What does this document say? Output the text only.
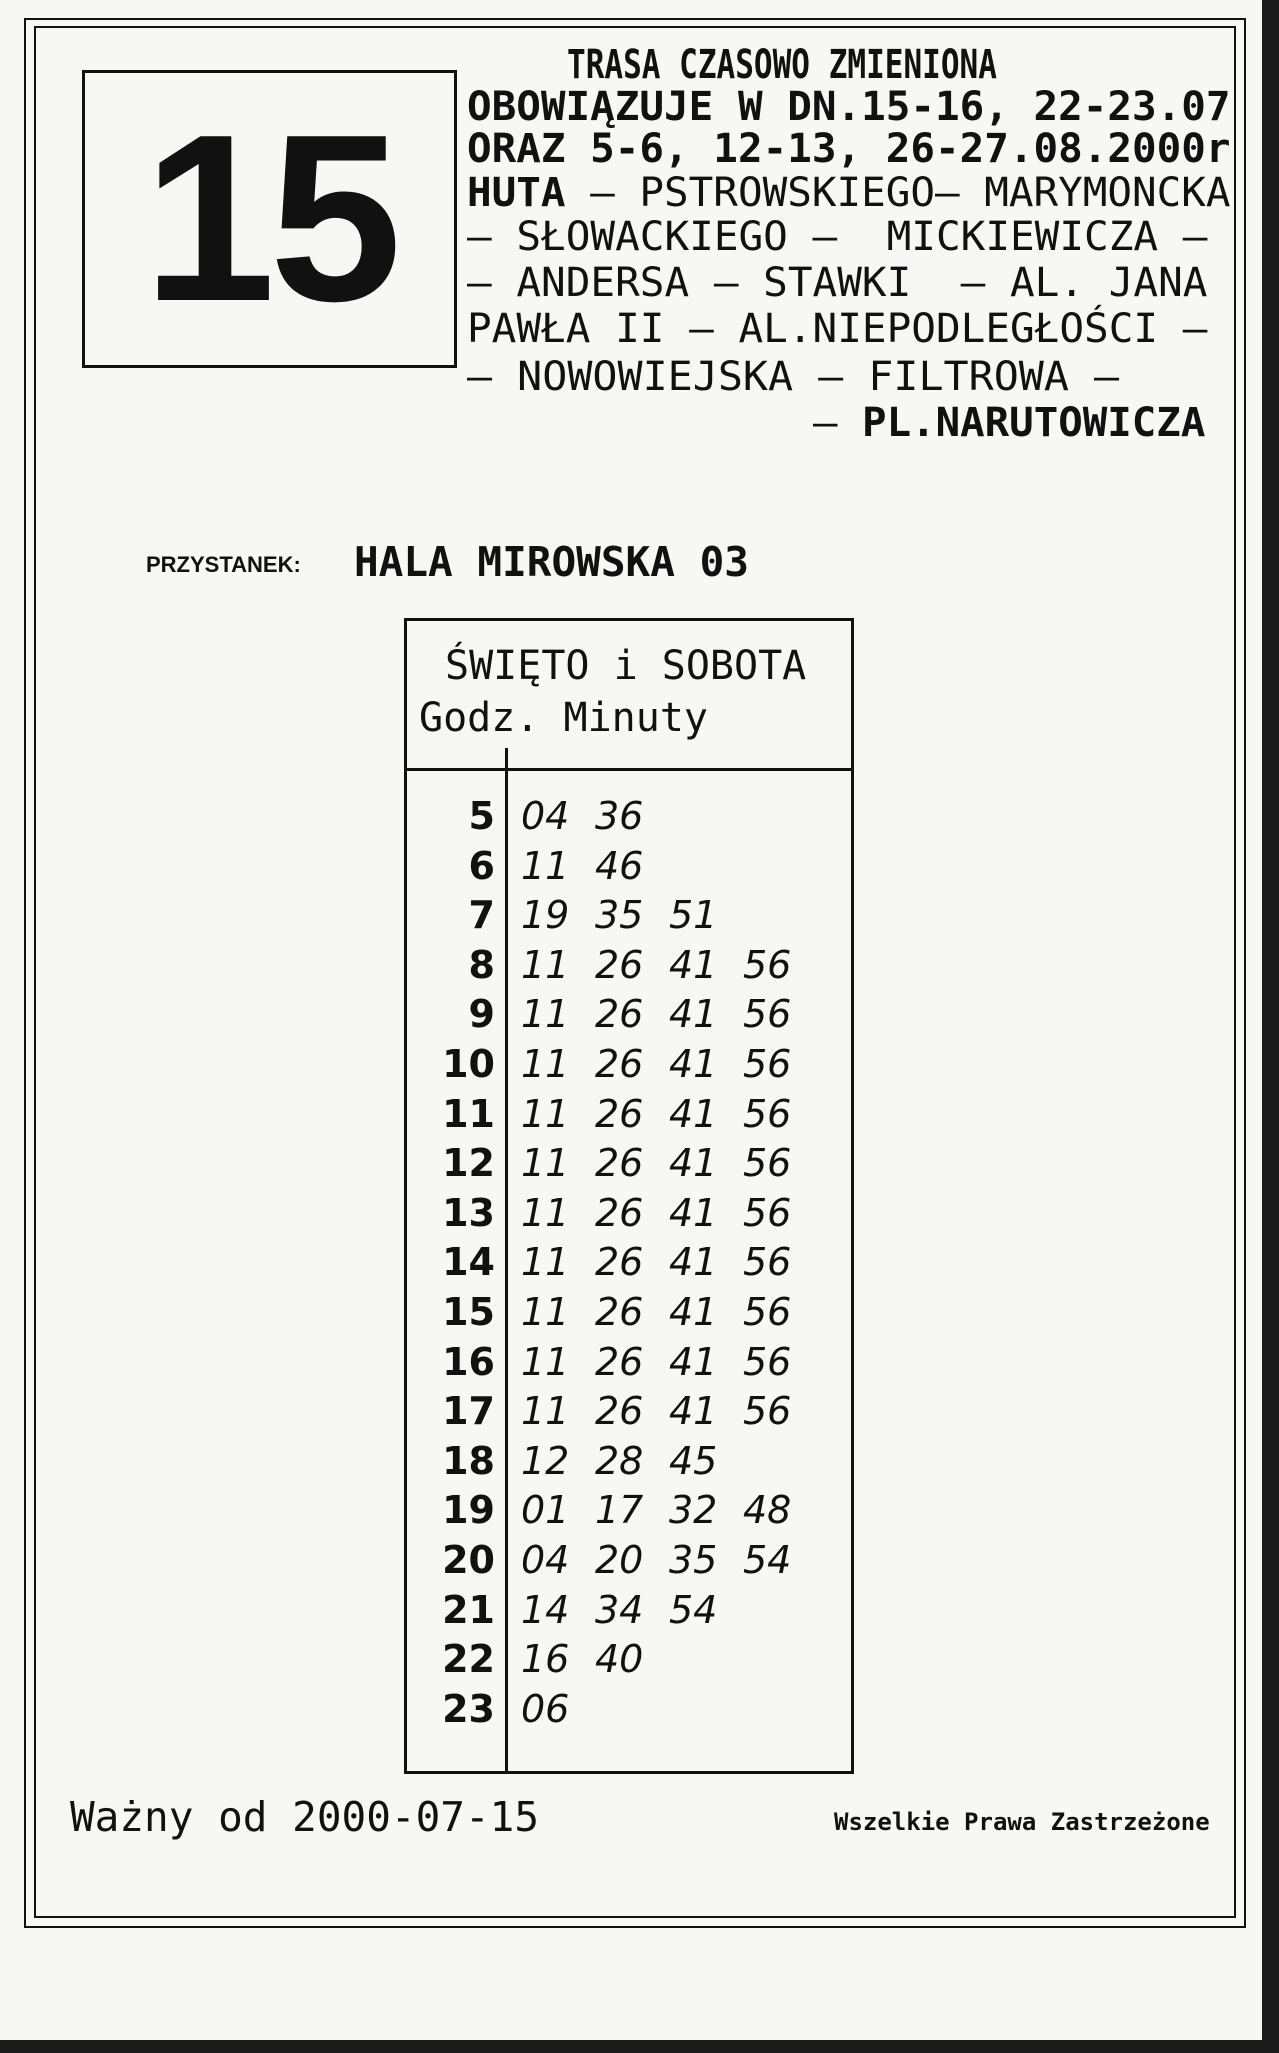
15
TRASA CZASOWO ZMIENIONA
OBOWIĄZUJE W DN.15-16, 22-23.07
ORAZ 5-6, 12-13, 26-27.08.2000r
HUTA – PSTROWSKIEGO– MARYMONCKA
– SŁOWACKIEGO –  MICKIEWICZA –
– ANDERSA – STAWKI  – AL. JANA
PAWŁA II – AL.NIEPODLEGŁOŚCI –
– NOWOWIEJSKA – FILTROWA –
– PL.NARUTOWICZA
PRZYSTANEK: HALA MIROWSKA 03
ŚWIĘTO i SOBOTA
Godz. Minuty
5 04 36
6 11 46
7 19 35 51
8 11 26 41 56
9 11 26 41 56
10 11 26 41 56
11 11 26 41 56
12 11 26 41 56
13 11 26 41 56
14 11 26 41 56
15 11 26 41 56
16 11 26 41 56
17 11 26 41 56
18 12 28 45
19 01 17 32 48
20 04 20 35 54
21 14 34 54
22 16 40
23 06
Ważny od 2000-07-15	Wszelkie Prawa Zastrzeżone
